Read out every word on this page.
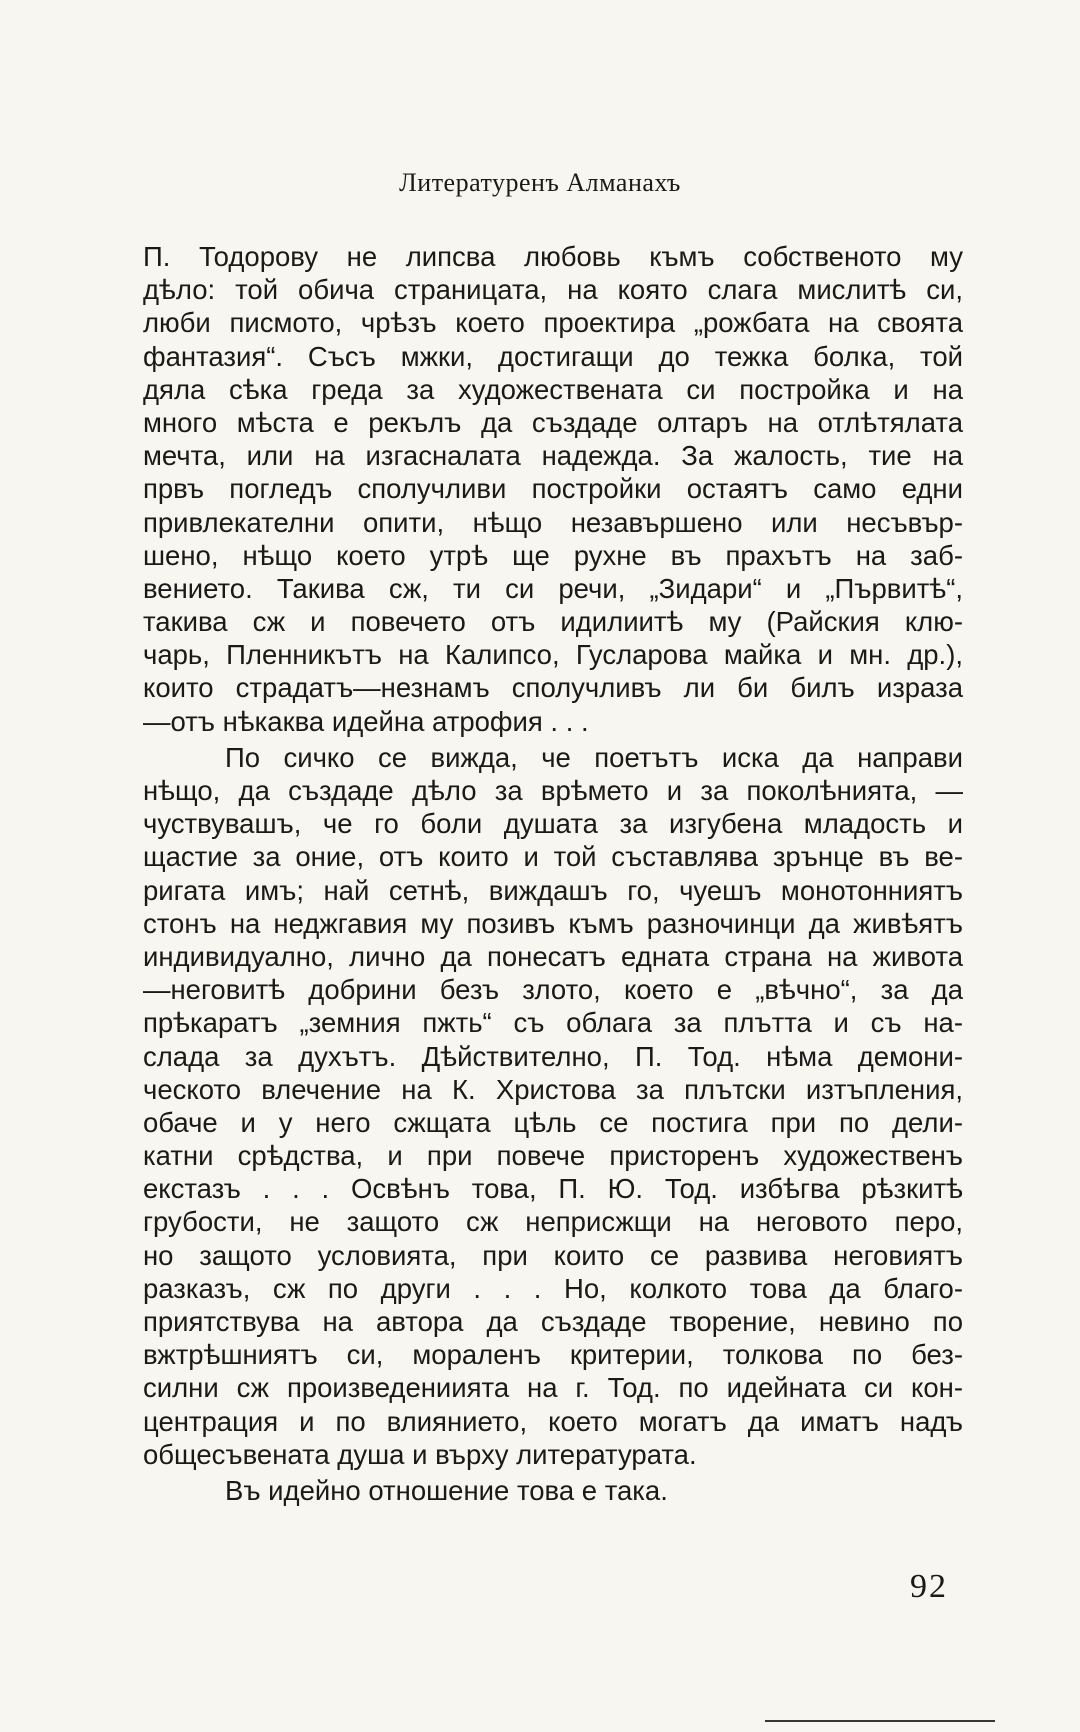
Литературенъ Алманахъ

П. Тодорову не липсва любовь къмъ собственото му
дѣло: той обича страницата, на която слага мислитѣ си,
люби писмото, чрѣзъ което проектира „рожбата на своята
фантазия“. Съсъ мжки, достигащи до тежка болка, той
дяла сѣка греда за художествената си постройка и на
много мѣста е рекълъ да създаде олтаръ на отлѣтялата
мечта, или на изгасналата надежда. За жалость, тие на
првъ погледъ сполучливи постройки остаятъ само едни
привлекателни опити, нѣщо незавършено или несъвър-
шено, нѣщо което утрѣ ще рухне въ прахътъ на заб-
вението. Такива сж, ти си речи, „Зидари“ и „Първитѣ“,
такива сж и повечето отъ идилиитѣ му (Райския клю-
чарь, Пленникътъ на Калипсо, Гусларова майка и мн. др.),
които страдатъ—незнамъ сполучливъ ли би билъ израза
—отъ нѣкаква идейна атрофия . . .

По сичко се вижда, че поетътъ иска да направи
нѣщо, да създаде дѣло за врѣмето и за поколѣнията, —
чуствувашъ, че го боли душата за изгубена младость и
щастие за оние, отъ които и той съставлява зрънце въ ве-
ригата имъ; най сетнѣ, виждашъ го, чуешъ монотонниятъ
стонъ на неджгавия му позивъ къмъ разночинци да живѣятъ
индивидуално, лично да понесатъ едната страна на живота
—неговитѣ добрини безъ злото, което е „вѣчно“, за да
прѣкаратъ „земния пжть“ съ облага за плътта и съ на-
слада за духътъ. Дѣйствително, П. Тод. нѣма демони-
ческото влечение на К. Христова за плътски изтъпления,
обаче и у него сжщата цѣль се постига при по дели-
катни срѣдства, и при повече присторенъ художественъ
екстазъ . . . Освѣнъ това, П. Ю. Тод. избѣгва рѣзкитѣ
грубости, не защото сж неприсжщи на неговото перо,
но защото условията, при които се развива неговиятъ
разказъ, сж по други . . . Но, колкото това да благо-
приятствува на автора да създаде творение, невино по
вжтрѣшниятъ си, мораленъ критерии, толкова по без-
силни сж произведениията на г. Тод. по идейната си кон-
центрация и по влиянието, което могатъ да иматъ надъ
общесъвената душа и върху литературата.

Въ идейно отношение това е така.

92
